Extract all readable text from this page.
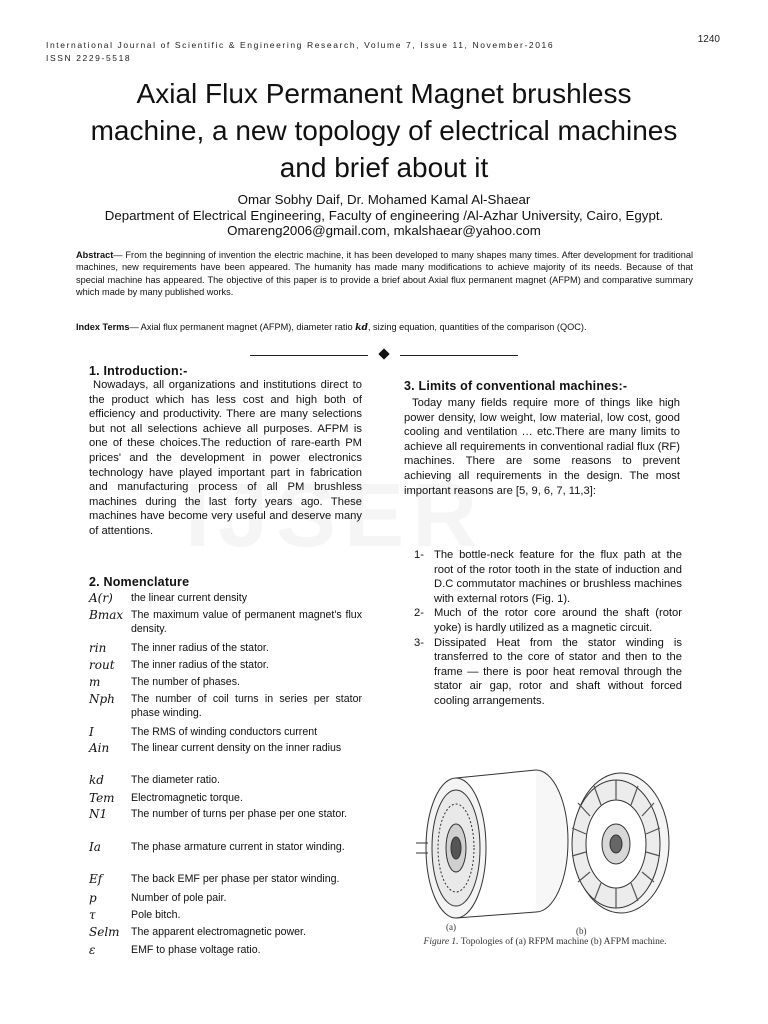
International Journal of Scientific & Engineering Research, Volume 7, Issue 11, November-2016
ISSN 2229-5518
1240
Axial Flux Permanent Magnet brushless
machine, a new topology of electrical machines
and brief about it
Omar Sobhy Daif, Dr. Mohamed Kamal Al-Shaear
Department of Electrical Engineering, Faculty of engineering /Al-Azhar University, Cairo, Egypt.
Omareng2006@gmail.com, mkalshaear@yahoo.com
Abstract— From the beginning of invention the electric machine, it has been developed to many shapes many times. After development for traditional machines, new requirements have been appeared. The humanity has made many modifications to achieve majority of its needs. Because of that special machine has appeared. The objective of this paper is to provide a brief about Axial flux permanent magnet (AFPM) and comparative summary which made by many published works.
Index Terms— Axial flux permanent magnet (AFPM), diameter ratio kd, sizing equation, quantities of the comparison (QOC).
1. Introduction:-
Nowadays, all organizations and institutions direct to the product which has less cost and high both of efficiency and productivity. There are many selections but not all selections achieve all purposes. AFPM is one of these choices.The reduction of rare-earth PM prices' and the development in power electronics technology have played important part in fabrication and manufacturing process of all PM brushless machines during the last forty years ago. These machines have become very useful and deserve many of attentions.
2. Nomenclature
A(r)	the linear current density
Bmax The maximum value of permanent magnet's flux density.
rin	The inner radius of the stator.
rout	The inner radius of the stator.
m	The number of phases.
Nph	The number of coil turns in series per stator phase winding.
I	The RMS of winding conductors current
Ain	The linear current density on the inner radius
kd	The diameter ratio.
Tem	Electromagnetic torque.
N1	The number of turns per phase per one stator.
Ia	The phase armature current in stator winding.
Ef	The back EMF per phase per stator winding.
p	Number of pole pair.
τ	Pole bitch.
Selm	The apparent electromagnetic power.
ε	EMF to phase voltage ratio.
3. Limits of conventional machines:-
Today many fields require more of things like high power density, low weight, low material, low cost, good cooling and ventilation … etc.There are many limits to achieve all requirements in conventional radial flux (RF) machines. There are some reasons to prevent achieving all requirements in the design. The most important reasons are [5, 9, 6, 7, 11,3]:
1- The bottle-neck feature for the flux path at the root of the rotor tooth in the state of induction and D.C commutator machines or brushless machines with external rotors (Fig. 1).
2- Much of the rotor core around the shaft (rotor yoke) is hardly utilized as a magnetic circuit.
3- Dissipated Heat from the stator winding is transferred to the core of stator and then to the frame — there is poor heat removal through the stator air gap, rotor and shaft without forced cooling arrangements.
(a)	(b)
Figure 1. Topologies of (a) RFPM machine (b) AFPM machine.
